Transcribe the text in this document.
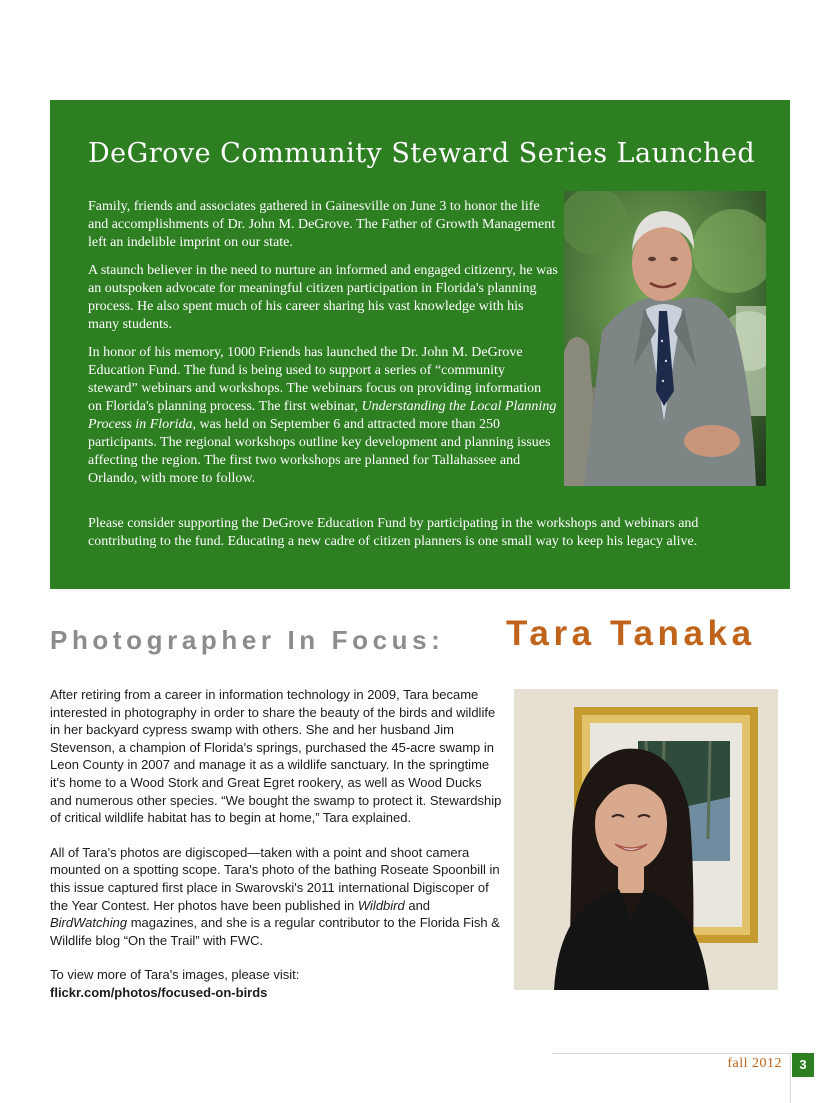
DeGrove Community Steward Series Launched

Family, friends and associates gathered in Gainesville on June 3 to honor the life and accomplishments of Dr. John M. DeGrove. The Father of Growth Management left an indelible imprint on our state.

A staunch believer in the need to nurture an informed and engaged citizenry, he was an outspoken advocate for meaningful citizen participation in Florida's planning process. He also spent much of his career sharing his vast knowledge with his many students.

In honor of his memory, 1000 Friends has launched the Dr. John M. DeGrove Education Fund. The fund is being used to support a series of “community steward” webinars and workshops. The webinars focus on providing information on Florida's planning process. The first webinar, Understanding the Local Planning Process in Florida, was held on September 6 and attracted more than 250 participants. The regional workshops outline key development and planning issues affecting the region. The first two workshops are planned for Tallahassee and Orlando, with more to follow.

Please consider supporting the DeGrove Education Fund by participating in the workshops and webinars and contributing to the fund. Educating a new cadre of citizen planners is one small way to keep his legacy alive.

Photographer In Focus: Tara Tanaka

After retiring from a career in information technology in 2009, Tara became interested in photography in order to share the beauty of the birds and wildlife in her backyard cypress swamp with others. She and her husband Jim Stevenson, a champion of Florida's springs, purchased the 45-acre swamp in Leon County in 2007 and manage it as a wildlife sanctuary. In the springtime it's home to a Wood Stork and Great Egret rookery, as well as Wood Ducks and numerous other species. “We bought the swamp to protect it. Stewardship of critical wildlife habitat has to begin at home,” Tara explained.

All of Tara's photos are digiscoped—taken with a point and shoot camera mounted on a spotting scope. Tara's photo of the bathing Roseate Spoonbill in this issue captured first place in Swarovski's 2011 international Digiscoper of the Year Contest. Her photos have been published in Wildbird and BirdWatching magazines, and she is a regular contributor to the Florida Fish & Wildlife blog “On the Trail” with FWC.

To view more of Tara's images, please visit:
flickr.com/photos/focused-on-birds

fall 2012	3
